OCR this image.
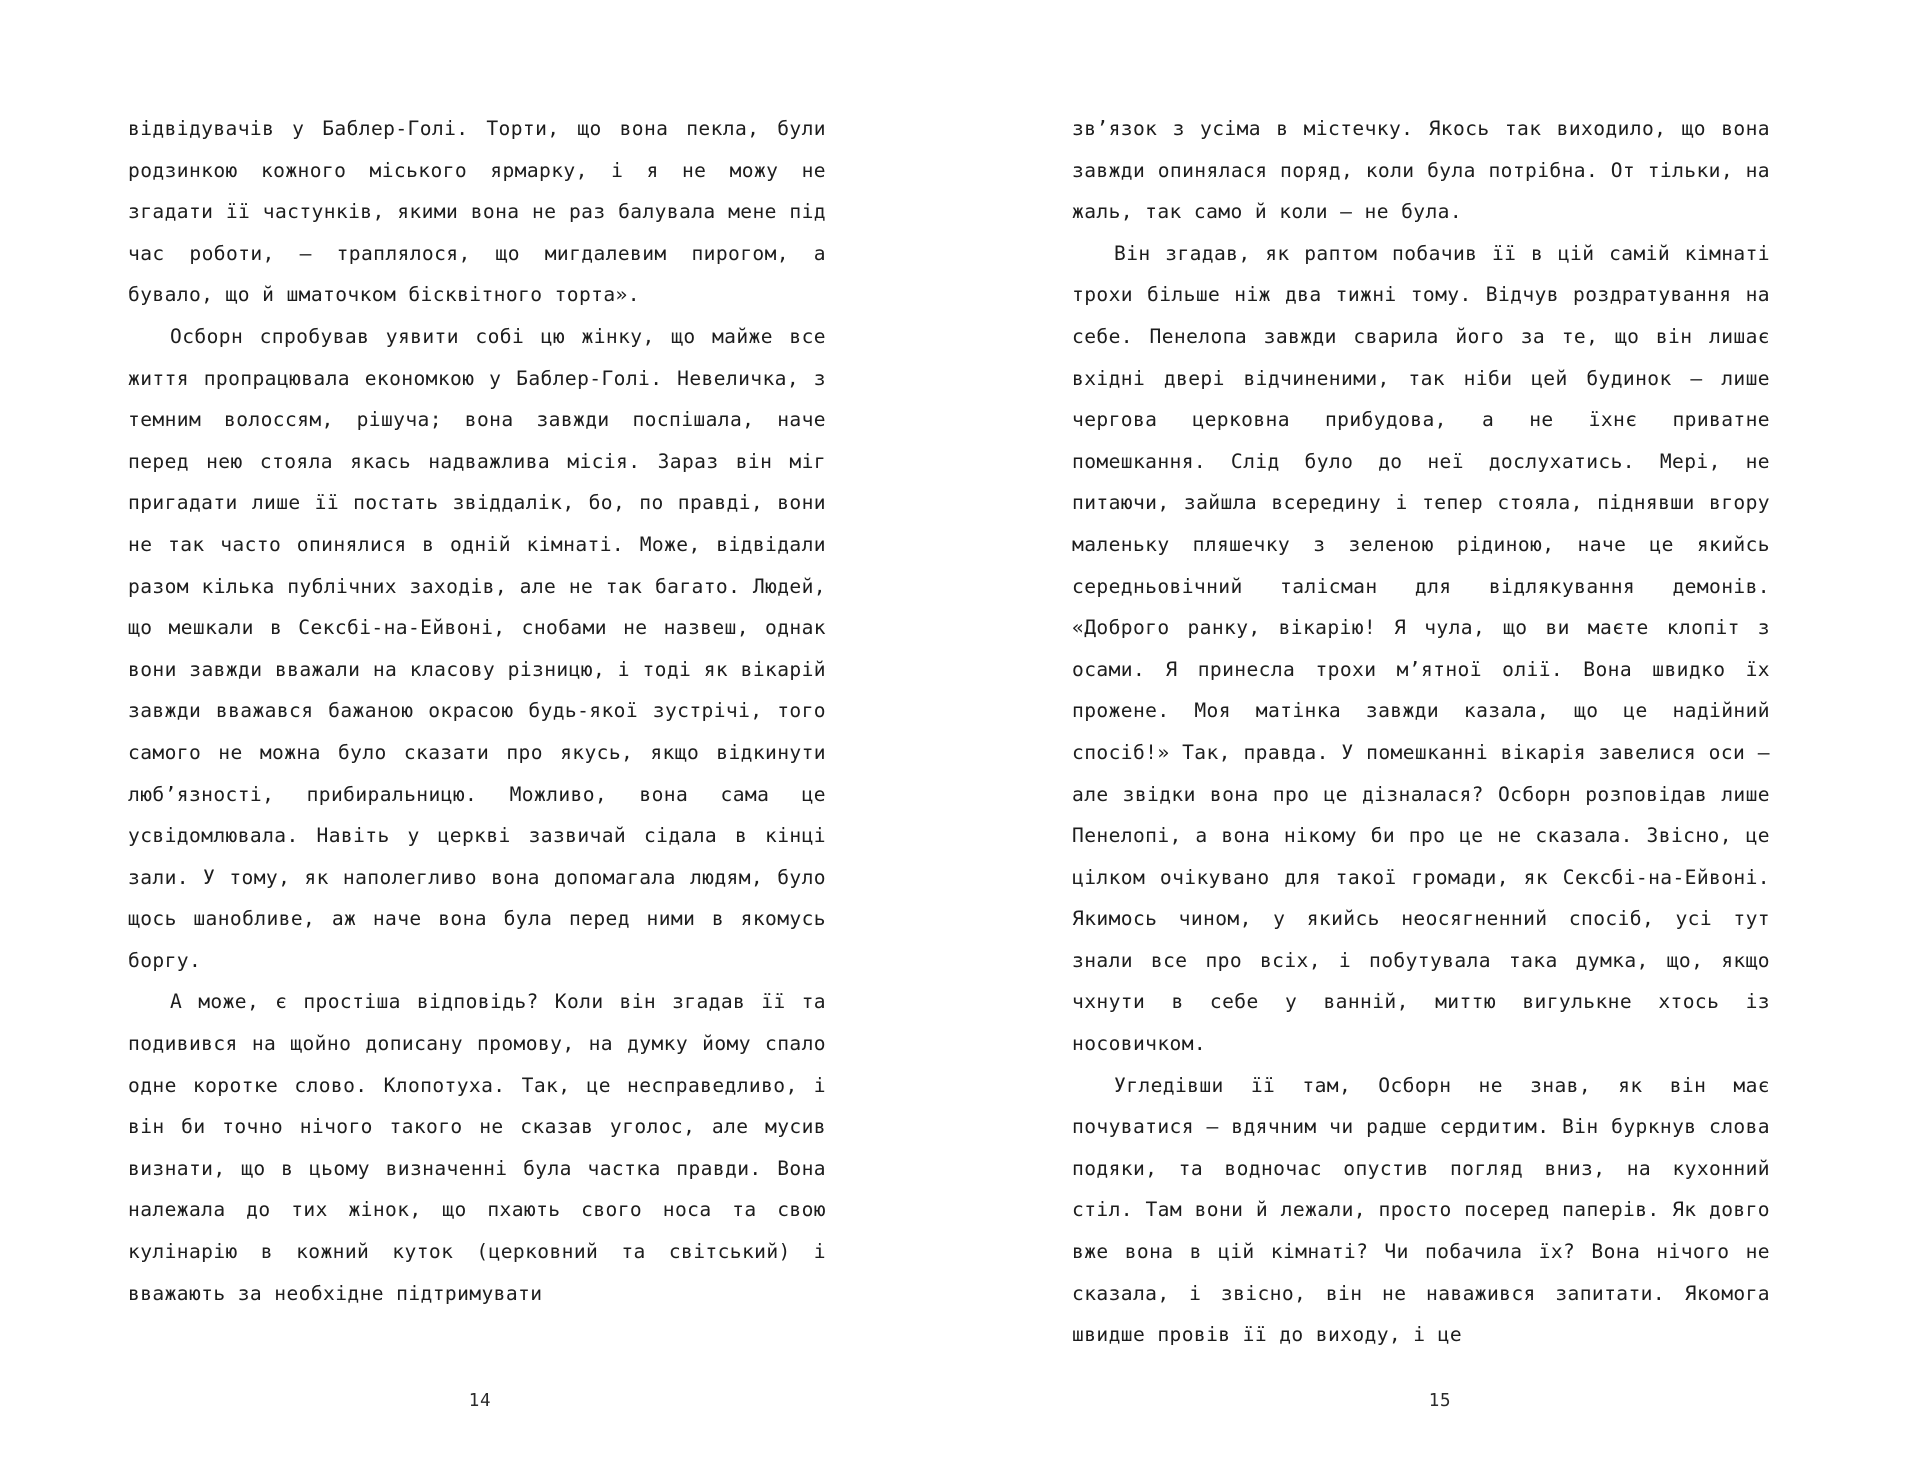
відвідувачів у Баблер-Голі. Торти, що вона пекла, були родзинкою кожного міського ярмарку, і я не можу не згадати її частунків, якими вона не раз балувала мене під час роботи, — траплялося, що мигдалевим пирогом, а бувало, що й шматочком бісквітного торта».

Осборн спробував уявити собі цю жінку, що майже все життя пропрацювала економкою у Баблер-Голі. Невеличка, з темним волоссям, рішуча; вона завжди поспішала, наче перед нею стояла якась надважлива місія. Зараз він міг пригадати лише її постать звіддалік, бо, по правді, вони не так часто опинялися в одній кімнаті. Може, відвідали разом кілька публічних заходів, але не так багато. Людей, що мешкали в Сексбі-на-Ейвоні, снобами не назвеш, однак вони завжди вважали на класову різницю, і тоді як вікарій завжди вважався бажаною окрасою будь-якої зустрічі, того самого не можна було сказати про якусь, якщо відкинути люб’язності, прибиральницю. Можливо, вона сама це усвідомлювала. Навіть у церкві зазвичай сідала в кінці зали. У тому, як наполегливо вона допомагала людям, було щось шанобливе, аж наче вона була перед ними в якомусь боргу.

А може, є простіша відповідь? Коли він згадав її та подивився на щойно дописану промову, на думку йому спало одне коротке слово. Клопотуха. Так, це несправедливо, і він би точно нічого такого не сказав уголос, але мусив визнати, що в цьому визначенні була частка правди. Вона належала до тих жінок, що пхають свого носа та свою кулінарію в кожний куток (церковний та світський) і вважають за необхідне підтримувати

14

зв’язок з усіма в містечку. Якось так виходило, що вона завжди опинялася поряд, коли була потрібна. От тільки, на жаль, так само й коли — не була.

Він згадав, як раптом побачив її в цій самій кімнаті трохи більше ніж два тижні тому. Відчув роздратування на себе. Пенелопа завжди сварила його за те, що він лишає вхідні двері відчиненими, так ніби цей будинок — лише чергова церковна прибудова, а не їхнє приватне помешкання. Слід було до неї дослухатись. Мері, не питаючи, зайшла всередину і тепер стояла, піднявши вгору маленьку пляшечку з зеленою рідиною, наче це якийсь середньовічний талісман для відлякування демонів. «Доброго ранку, вікарію! Я чула, що ви маєте клопіт з осами. Я принесла трохи м’ятної олії. Вона швидко їх прожене. Моя матінка завжди казала, що це надійний спосіб!» Так, правда. У помешканні вікарія завелися оси — але звідки вона про це дізналася? Осборн розповідав лише Пенелопі, а вона нікому би про це не сказала. Звісно, це цілком очікувано для такої громади, як Сексбі-на-Ейвоні. Якимось чином, у якийсь неосягненний спосіб, усі тут знали все про всіх, і побутувала така думка, що, якщо чхнути в себе у ванній, миттю вигулькне хтось із носовичком.

Угледівши її там, Осборн не знав, як він має почуватися — вдячним чи радше сердитим. Він буркнув слова подяки, та водночас опустив погляд вниз, на кухонний стіл. Там вони й лежали, просто посеред паперів. Як довго вже вона в цій кімнаті? Чи побачила їх? Вона нічого не сказала, і звісно, він не наважився запитати. Якомога швидше провів її до виходу, і це

15
